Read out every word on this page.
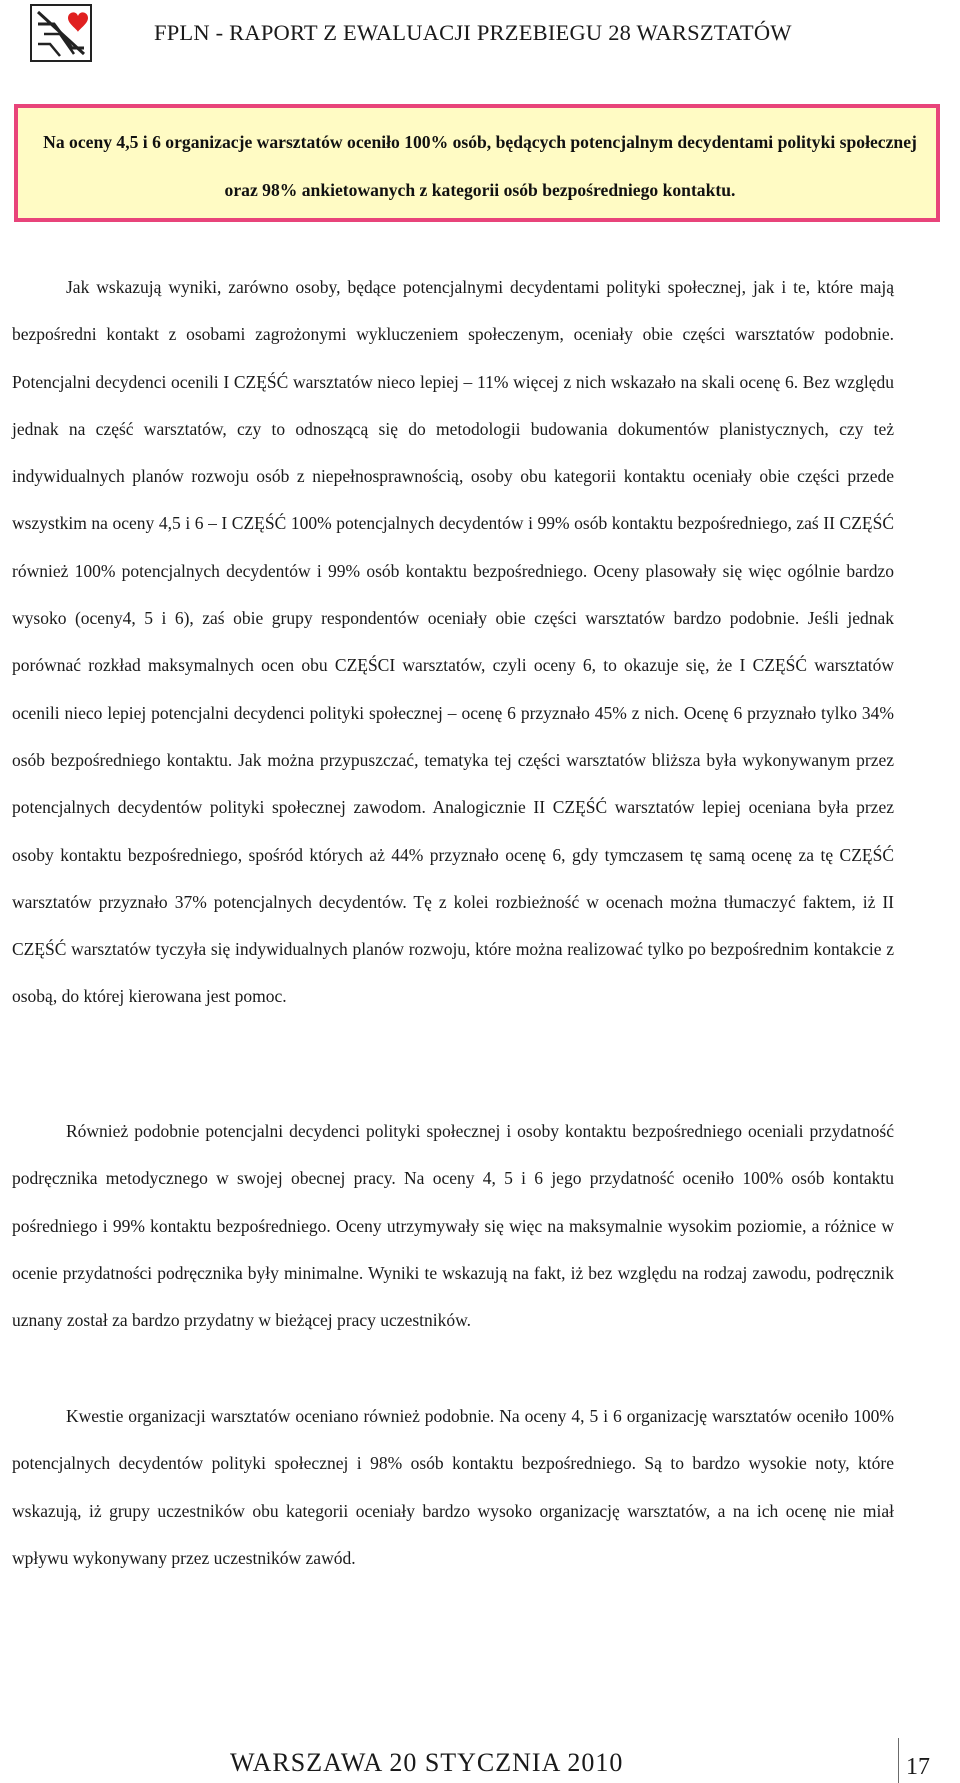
FPLN - RAPORT Z EWALUACJI PRZEBIEGU 28 WARSZTATÓW

Na oceny 4,5 i 6 organizacje warsztatów oceniło 100% osób, będących potencjalnym decydentami polityki społecznej oraz 98% ankietowanych z kategorii osób bezpośredniego kontaktu.

Jak wskazują wyniki, zarówno osoby, będące potencjalnymi decydentami polityki społecznej, jak i te, które mają bezpośredni kontakt z osobami zagrożonymi wykluczeniem społeczenym, oceniały obie części warsztatów podobnie. Potencjalni decydenci ocenili I CZĘŚĆ warsztatów nieco lepiej – 11% więcej z nich wskazało na skali ocenę 6. Bez względu jednak na część warsztatów, czy to odnoszącą się do metodologii budowania dokumentów planistycznych, czy też indywidualnych planów rozwoju osób z niepełnosprawnością, osoby obu kategorii kontaktu oceniały obie części przede wszystkim na oceny 4,5 i 6 – I CZĘŚĆ 100% potencjalnych decydentów i 99% osób kontaktu bezpośredniego, zaś II CZĘŚĆ również 100% potencjalnych decydentów i 99% osób kontaktu bezpośredniego. Oceny plasowały się więc ogólnie bardzo wysoko (oceny4, 5 i 6), zaś obie grupy respondentów oceniały obie części warsztatów bardzo podobnie. Jeśli jednak porównać rozkład maksymalnych ocen obu CZĘŚCI warsztatów, czyli oceny 6, to okazuje się, że I CZĘŚĆ warsztatów ocenili nieco lepiej potencjalni decydenci polityki społecznej – ocenę 6 przyznało 45% z nich. Ocenę 6 przyznało tylko 34% osób bezpośredniego kontaktu. Jak można przypuszczać, tematyka tej części warsztatów bliższa była wykonywanym przez potencjalnych decydentów polityki społecznej zawodom. Analogicznie II CZĘŚĆ warsztatów lepiej oceniana była przez osoby kontaktu bezpośredniego, spośród których aż 44% przyznało ocenę 6, gdy tymczasem tę samą ocenę za tę CZĘŚĆ warsztatów przyznało 37% potencjalnych decydentów. Tę z kolei rozbieżność w ocenach można tłumaczyć faktem, iż II CZĘŚĆ warsztatów tyczyła się indywidualnych planów rozwoju, które można realizować tylko po bezpośrednim kontakcie z osobą, do której kierowana jest pomoc.

Również podobnie potencjalni decydenci polityki społecznej i osoby kontaktu bezpośredniego oceniali przydatność podręcznika metodycznego w swojej obecnej pracy. Na oceny 4, 5 i 6 jego przydatność oceniło 100% osób kontaktu pośredniego i 99% kontaktu bezpośredniego. Oceny utrzymywały się więc na maksymalnie wysokim poziomie, a różnice w ocenie przydatności podręcznika były minimalne. Wyniki te wskazują na fakt, iż bez względu na rodzaj zawodu, podręcznik uznany został za bardzo przydatny w bieżącej pracy uczestników.

Kwestie organizacji warsztatów oceniano również podobnie. Na oceny 4, 5 i 6 organizację warsztatów oceniło 100% potencjalnych decydentów polityki społecznej i 98% osób kontaktu bezpośredniego. Są to bardzo wysokie noty, które wskazują, iż grupy uczestników obu kategorii oceniały bardzo wysoko organizację warsztatów, a na ich ocenę nie miał wpływu wykonywany przez uczestników zawód.

WARSZAWA 20 STYCZNIA 2010	17
